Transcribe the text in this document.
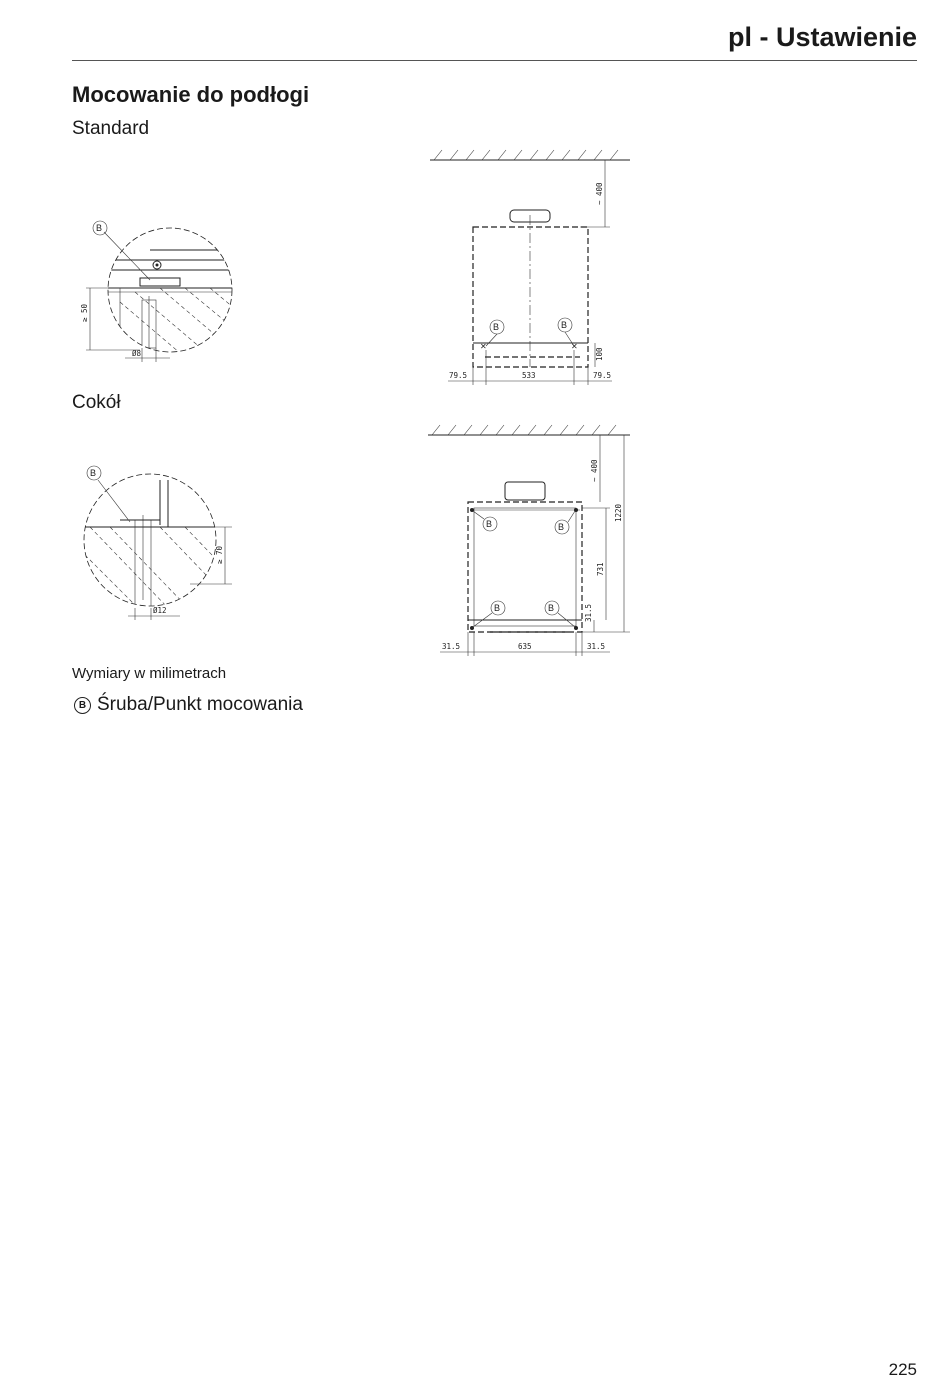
pl - Ustawienie
Mocowanie do podłogi
Standard
≥ 50
Ø8
B
~ 400
B	B
✕	✕
100
79.5	533	79.5
Cokół
≥ 70
Ø12
B	~ 400
1220
B	B
B	B
731
31.5
31.5	635	31.5
Wymiary w milimetrach
B Śruba/Punkt mocowania
225
